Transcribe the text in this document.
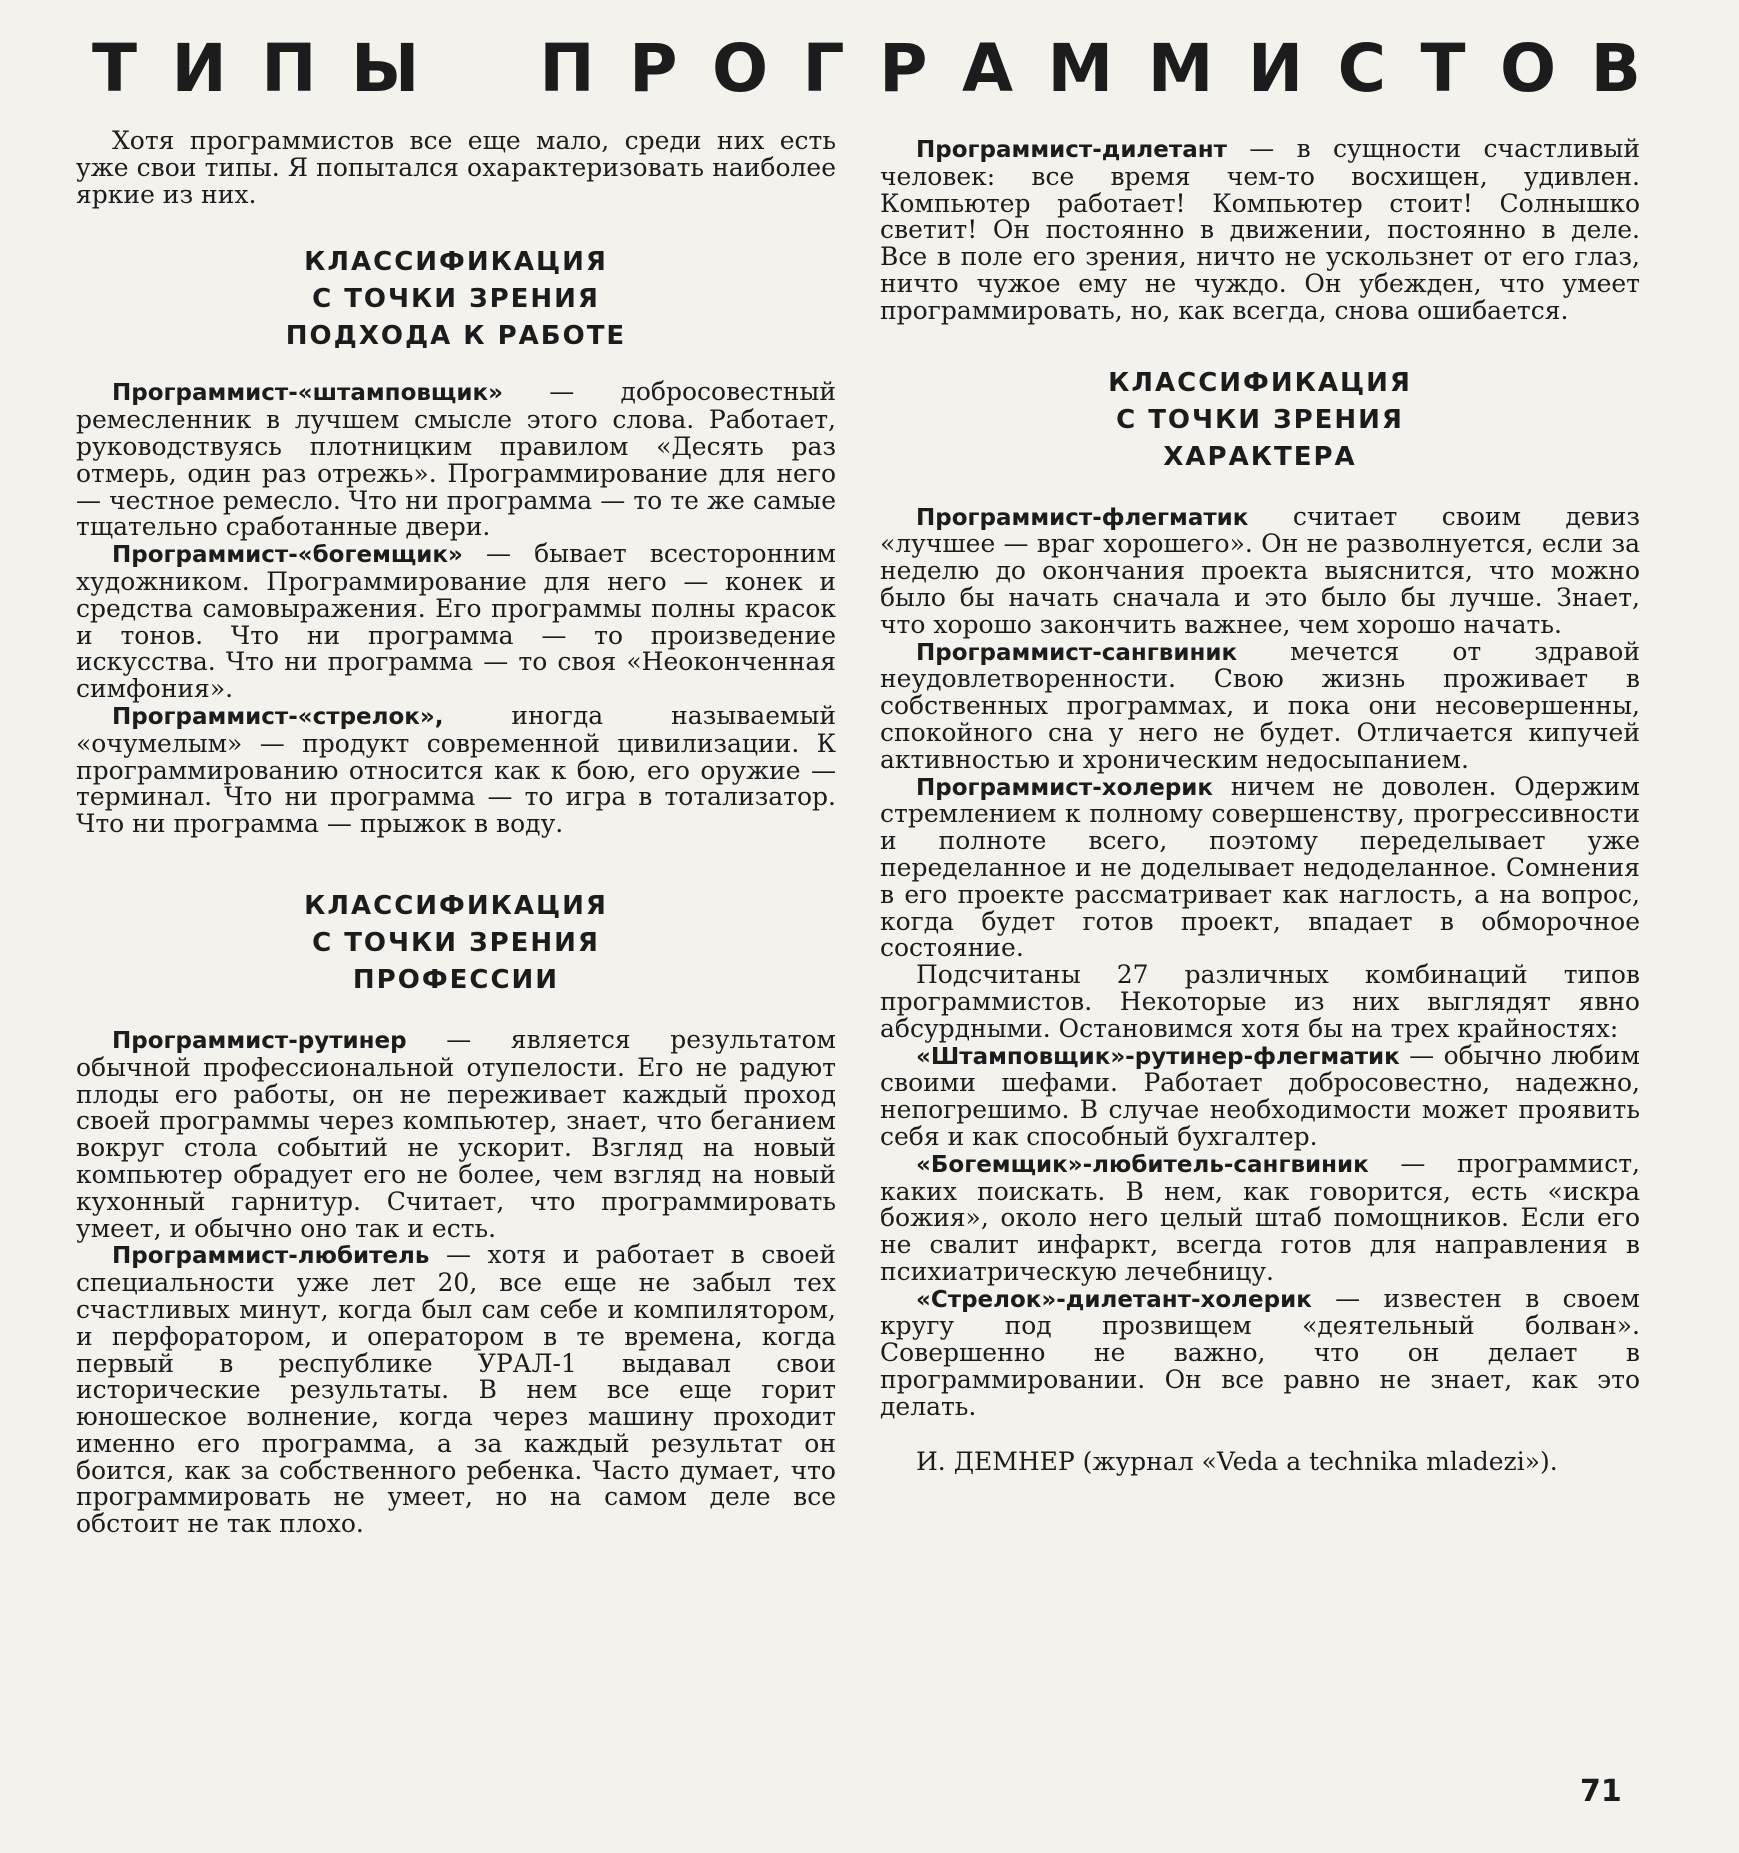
Т И П Ы П Р О Г Р А М М И С Т О В

Хотя программистов все еще мало, среди них есть уже свои типы. Я попытался охарактеризовать наиболее яркие из них.

КЛАССИФИКАЦИЯ
С ТОЧКИ ЗРЕНИЯ
ПОДХОДА К РАБОТЕ

Программист-«штамповщик» — добросовестный ремесленник в лучшем смысле этого слова. Работает, руководствуясь плотницким правилом «Десять раз отмерь, один раз отрежь». Программирование для него — честное ремесло. Что ни программа — то те же самые тщательно сработанные двери.

Программист-«богемщик» — бывает всесторонним художником. Программирование для него — конек и средства самовыражения. Его программы полны красок и тонов. Что ни программа — то произведение искусства. Что ни программа — то своя «Неоконченная симфония».

Программист-«стрелок», иногда называемый «очумелым» — продукт современной цивилизации. К программированию относится как к бою, его оружие — терминал. Что ни программа — то игра в тотализатор. Что ни программа — прыжок в воду.

КЛАССИФИКАЦИЯ
С ТОЧКИ ЗРЕНИЯ
ПРОФЕССИИ

Программист-рутинер — является результатом обычной профессиональной отупелости. Его не радуют плоды его работы, он не переживает каждый проход своей программы через компьютер, знает, что беганием вокруг стола событий не ускорит. Взгляд на новый компьютер обрадует его не более, чем взгляд на новый кухонный гарнитур. Считает, что программировать умеет, и обычно оно так и есть.

Программист-любитель — хотя и работает в своей специальности уже лет 20, все еще не забыл тех счастливых минут, когда был сам себе и компилятором, и перфоратором, и оператором в те времена, когда первый в республике УРАЛ-1 выдавал свои исторические результаты. В нем все еще горит юношеское волнение, когда через машину проходит именно его программа, а за каждый результат он боится, как за собственного ребенка. Часто думает, что программировать не умеет, но на самом деле все обстоит не так плохо.

Программист-дилетант — в сущности счастливый человек: все время чем-то восхищен, удивлен. Компьютер работает! Компьютер стоит! Солнышко светит! Он постоянно в движении, постоянно в деле. Все в поле его зрения, ничто не ускользнет от его глаз, ничто чужое ему не чуждо. Он убежден, что умеет программировать, но, как всегда, снова ошибается.

КЛАССИФИКАЦИЯ
С ТОЧКИ ЗРЕНИЯ
ХАРАКТЕРА

Программист-флегматик считает своим девиз «лучшее — враг хорошего». Он не разволнуется, если за неделю до окончания проекта выяснится, что можно было бы начать сначала и это было бы лучше. Знает, что хорошо закончить важнее, чем хорошо начать.

Программист-сангвиник мечется от здравой неудовлетворенности. Свою жизнь проживает в собственных программах, и пока они несовершенны, спокойного сна у него не будет. Отличается кипучей активностью и хроническим недосыпанием.

Программист-холерик ничем не доволен. Одержим стремлением к полному совершенству, прогрессивности и полноте всего, поэтому переделывает уже переделанное и не доделывает недоделанное. Сомнения в его проекте рассматривает как наглость, а на вопрос, когда будет готов проект, впадает в обморочное состояние.

Подсчитаны 27 различных комбинаций типов программистов. Некоторые из них выглядят явно абсурдными. Остановимся хотя бы на трех крайностях:

«Штамповщик»-рутинер-флегматик — обычно любим своими шефами. Работает добросовестно, надежно, непогрешимо. В случае необходимости может проявить себя и как способный бухгалтер.

«Богемщик»-любитель-сангвиник — программист, каких поискать. В нем, как говорится, есть «искра божия», около него целый штаб помощников. Если его не свалит инфаркт, всегда готов для направления в психиатрическую лечебницу.

«Стрелок»-дилетант-холерик — известен в своем кругу под прозвищем «деятельный болван». Совершенно не важно, что он делает в программировании. Он все равно не знает, как это делать.

И. ДЕМНЕР (журнал «Veda a technika mladezi»).

71
